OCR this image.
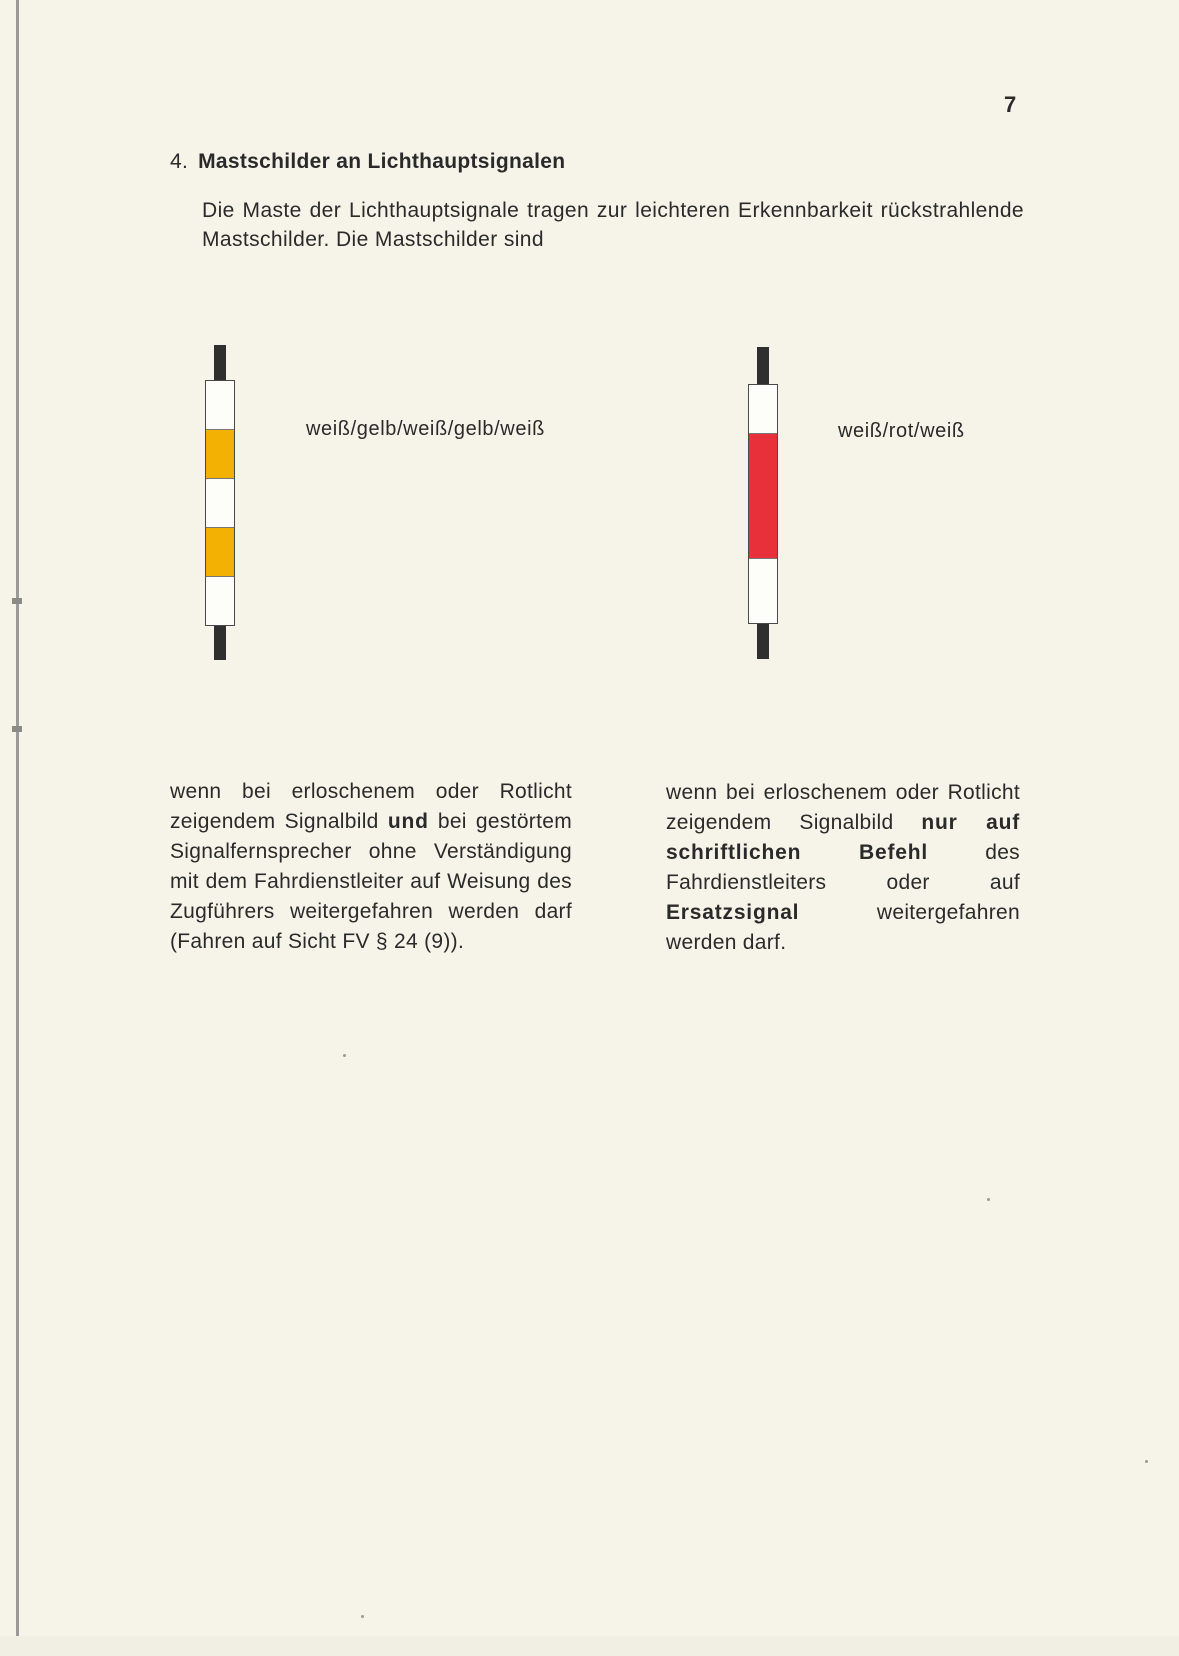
7
4. Mastschilder an Lichthauptsignalen

Die Maste der Lichthauptsignale tragen zur leichteren Erkennbarkeit rückstrahlende Mastschilder. Die Mastschilder sind

weiß/gelb/weiß/gelb/weiß	weiß/rot/weiß

wenn bei erloschenem oder Rotlicht zeigendem Signalbild und bei gestörtem Signalfernsprecher ohne Verständigung mit dem Fahrdienstleiter auf Weisung des Zugführers weitergefahren werden darf (Fahren auf Sicht FV § 24 (9)).

wenn bei erloschenem oder Rotlicht zeigendem Signalbild nur auf schriftlichen Befehl des Fahrdienstleiters oder auf Ersatzsignal weitergefahren werden darf.
